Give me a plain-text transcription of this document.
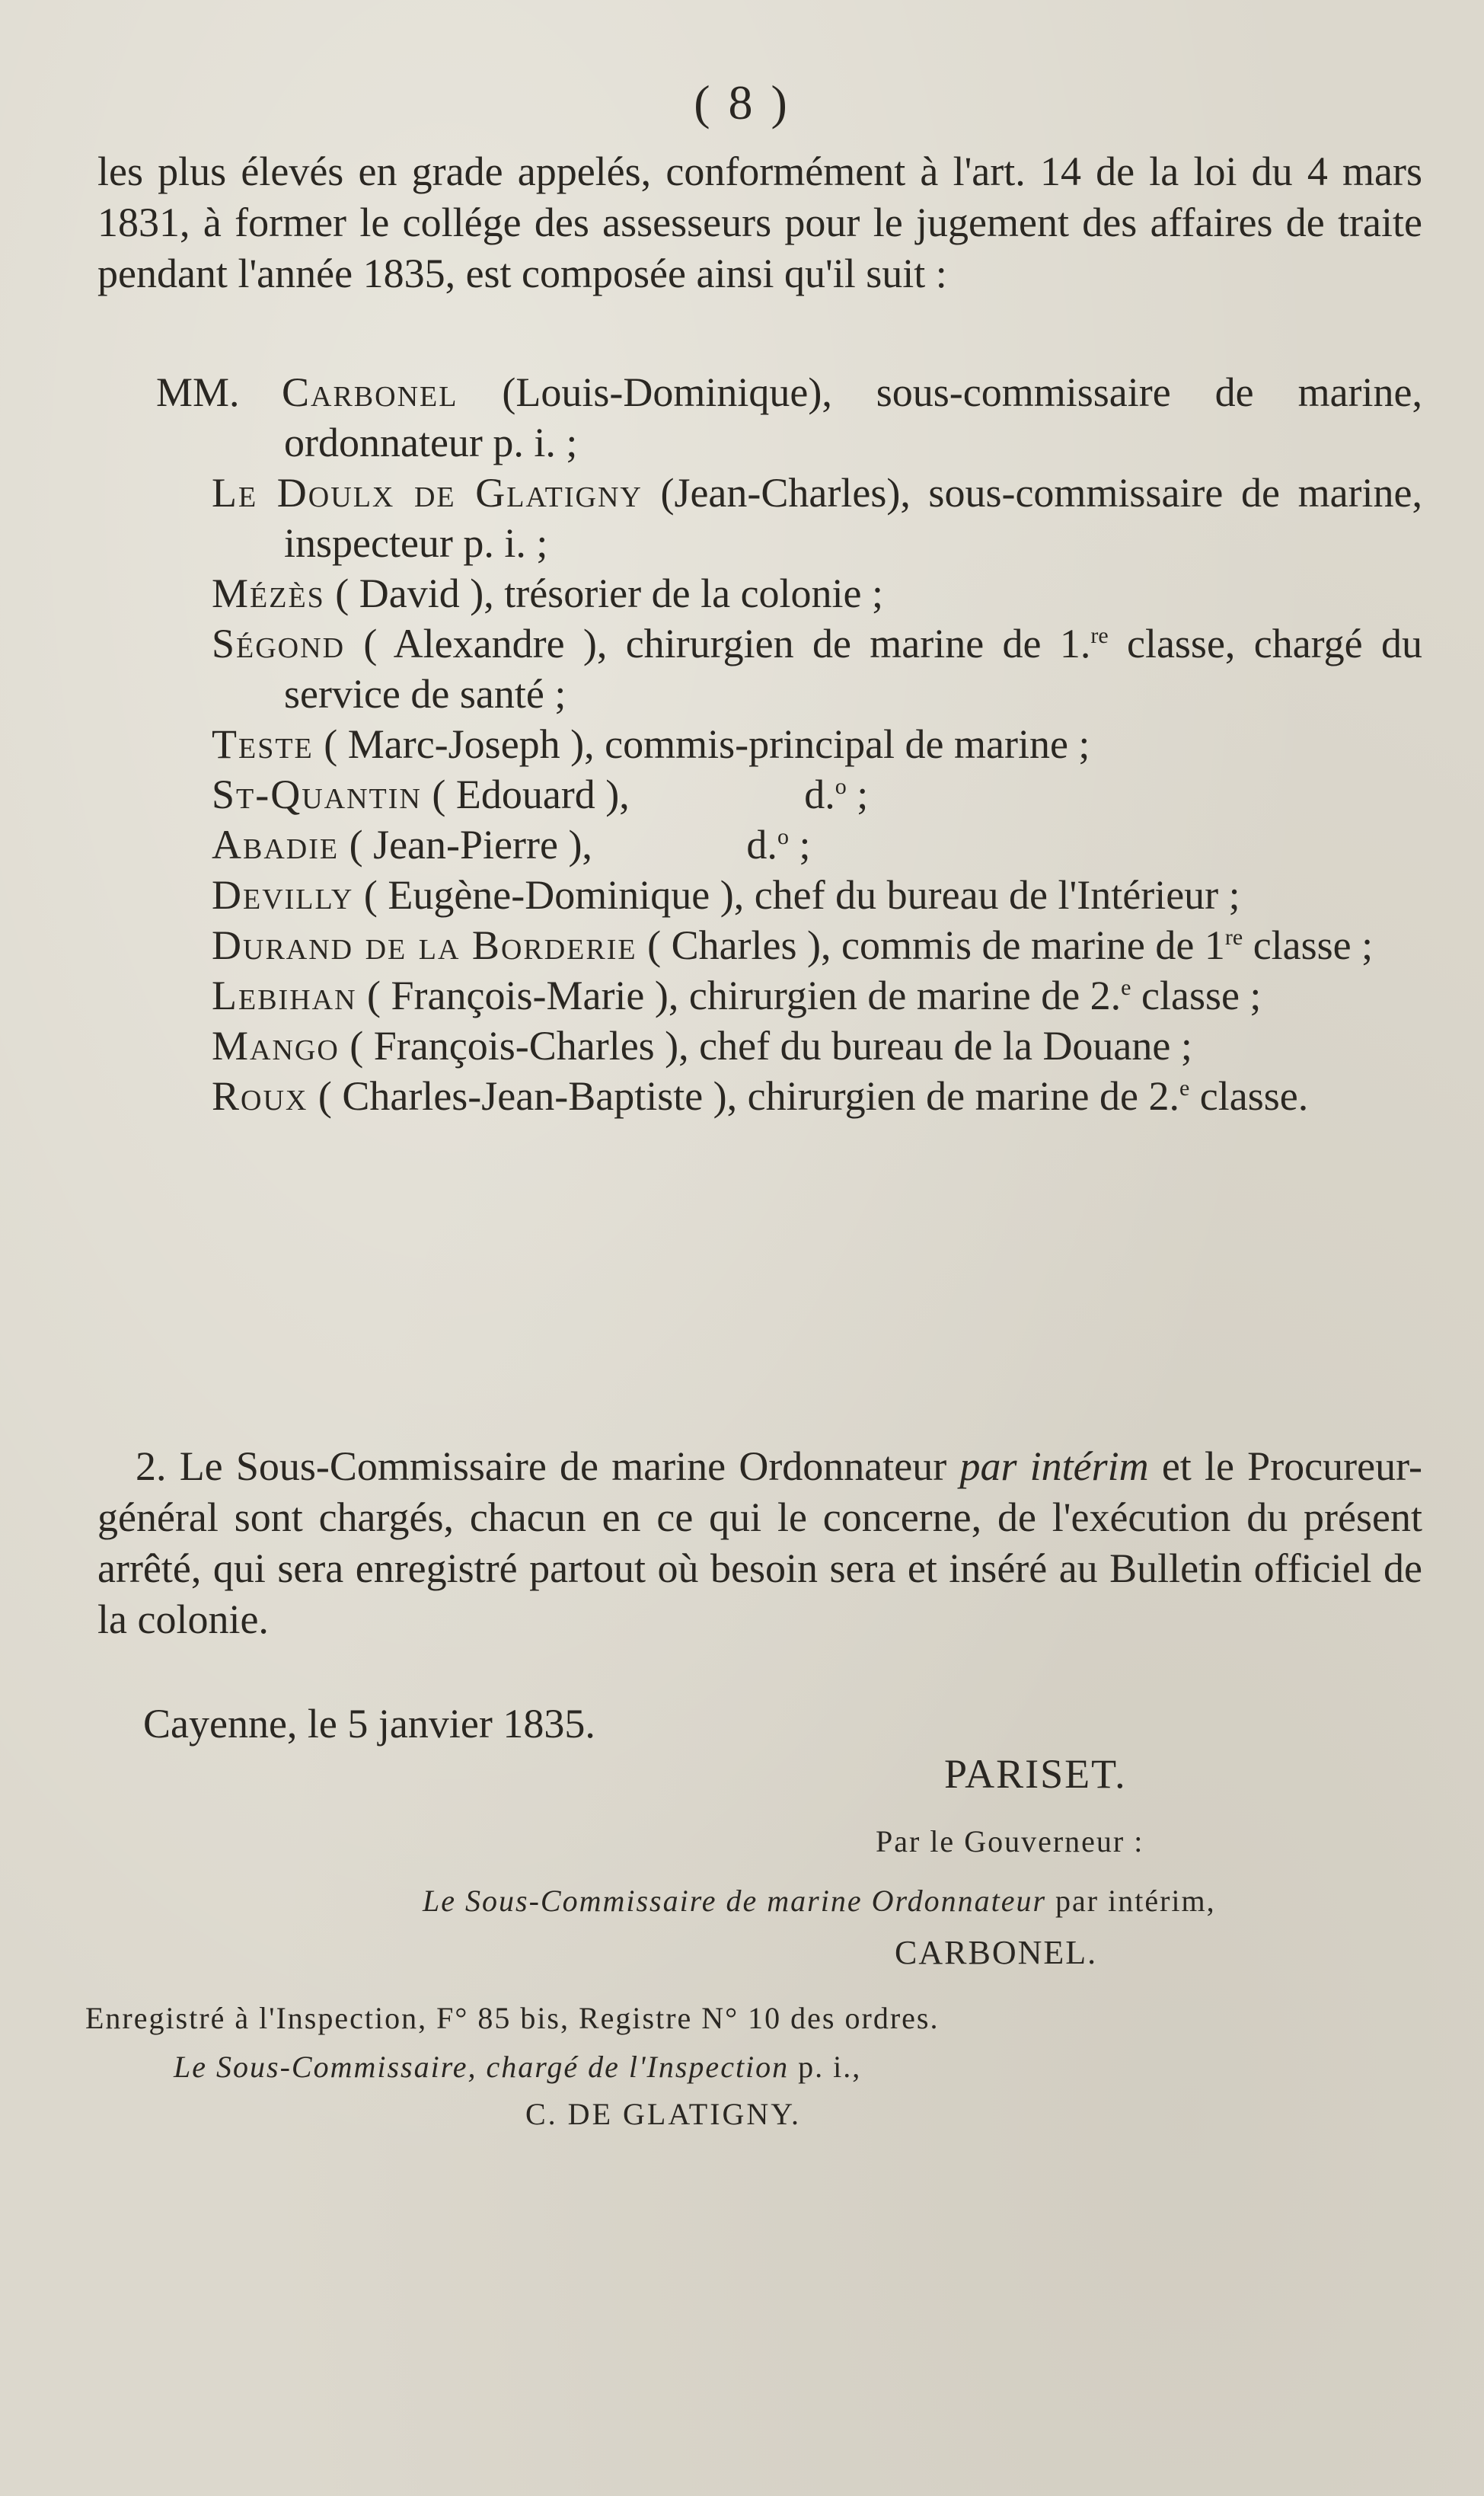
( 8 )

les plus élevés en grade appelés, conformément à l'art. 14 de la loi du 4 mars 1831, à former le collége des assesseurs pour le jugement des affaires de traite pendant l'année 1835, est composée ainsi qu'il suit :

MM. Carbonel (Louis-Dominique), sous-commissaire de marine, ordonnateur p. i. ;

Le Doulx de Glatigny (Jean-Charles), sous-commissaire de marine, inspecteur p. i. ;

Mézès ( David ), trésorier de la colonie ;

Ségond ( Alexandre ), chirurgien de marine de 1.$^{re}$ classe, chargé du service de santé ;

Teste ( Marc-Joseph ), commis-principal de marine ;

St-Quantin ( Edouard ),                 d.$^o$ ;

Abadie ( Jean-Pierre ),               d.$^o$ ;

Devilly ( Eugène-Dominique ), chef du bureau de l'Intérieur ;

Durand de la Borderie ( Charles ), commis de marine de 1re classe ;

Lebihan ( François-Marie ), chirurgien de marine de 2.$^e$ classe ;

Mango ( François-Charles ), chef du bureau de la Douane ;

Roux ( Charles-Jean-Baptiste ), chirurgien de marine de 2.$^e$ classe.

2. Le Sous-Commissaire de marine Ordonnateur par intérim et le Procureur-général sont chargés, chacun en ce qui le concerne, de l'exécution du présent arrêté, qui sera enregistré partout où besoin sera et inséré au Bulletin officiel de la colonie.

Cayenne, le 5 janvier 1835.

PARISET.

Par le Gouverneur :

Le Sous-Commissaire de marine Ordonnateur par intérim,

CARBONEL.

Enregistré à l'Inspection, F° 85 bis, Registre N° 10 des ordres.

Le Sous-Commissaire, chargé de l'Inspection p. i.,

C. DE GLATIGNY.
